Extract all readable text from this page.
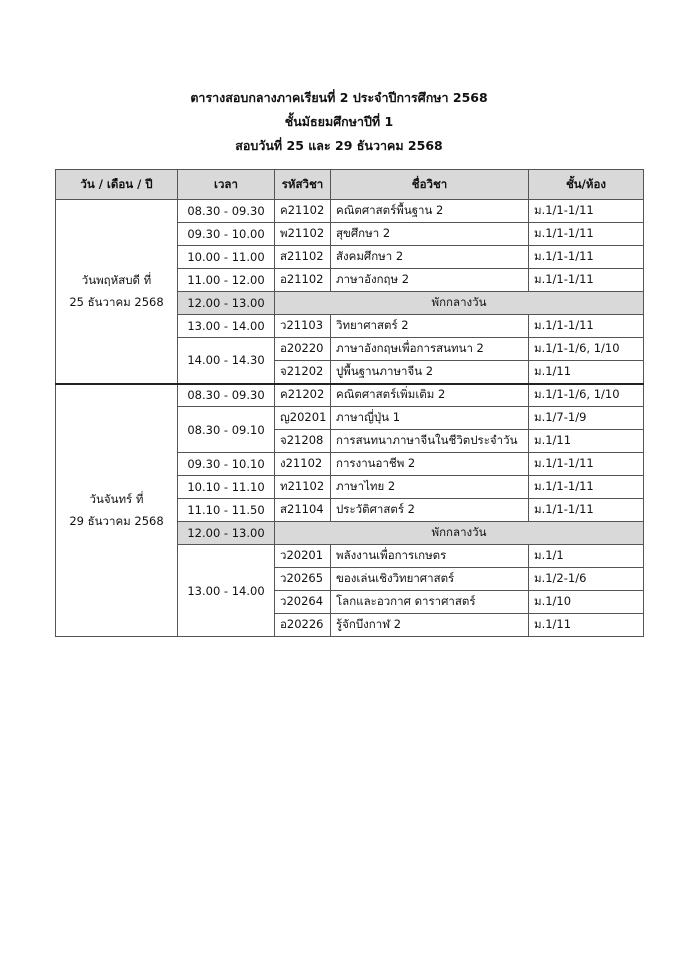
ตารางสอบกลางภาคเรียนที่ 2 ประจำปีการศึกษา 2568
ชั้นมัธยมศึกษาปีที่ 1
สอบวันที่ 25 และ 29 ธันวาคม 2568
วัน / เดือน / ปี	เวลา	รหัสวิชา	ชื่อวิชา	ชั้น/ห้อง

วันพฤหัสบดี ที่
25 ธันวาคม 2568	08.30 - 09.30	ค21102	คณิตศาสตร์พื้นฐาน 2	ม.1/1-1/11
	09.30 - 10.00	พ21102	สุขศึกษา 2	ม.1/1-1/11
	10.00 - 11.00	ส21102	สังคมศึกษา 2	ม.1/1-1/11
	11.00 - 12.00	อ21102	ภาษาอังกฤษ 2	ม.1/1-1/11
	12.00 - 13.00	พักกลางวัน		
	13.00 - 14.00	ว21103	วิทยาศาสตร์ 2	ม.1/1-1/11
	14.00 - 14.30	อ20220	ภาษาอังกฤษเพื่อการสนทนา 2	ม.1/1-1/6, 1/10
		จ21202	ปูพื้นฐานภาษาจีน 2	ม.1/11

วันจันทร์ ที่
29 ธันวาคม 2568	08.30 - 09.30	ค21202	คณิตศาสตร์เพิ่มเติม 2	ม.1/1-1/6, 1/10
	08.30 - 09.10	ญ20201	ภาษาญี่ปุ่น 1	ม.1/7-1/9
		จ21208	การสนทนาภาษาจีนในชีวิตประจำวัน	ม.1/11
	09.30 - 10.10	ง21102	การงานอาชีพ 2	ม.1/1-1/11
	10.10 - 11.10	ท21102	ภาษาไทย 2	ม.1/1-1/11
	11.10 - 11.50	ส21104	ประวัติศาสตร์ 2	ม.1/1-1/11
	12.00 - 13.00	พักกลางวัน		
	13.00 - 14.00	ว20201	พลังงานเพื่อการเกษตร	ม.1/1
		ว20265	ของเล่นเชิงวิทยาศาสตร์	ม.1/2-1/6
		ว20264	โลกและอวกาศ ดาราศาสตร์	ม.1/10
		อ20226	รู้จักบึงกาฬ 2	ม.1/11
